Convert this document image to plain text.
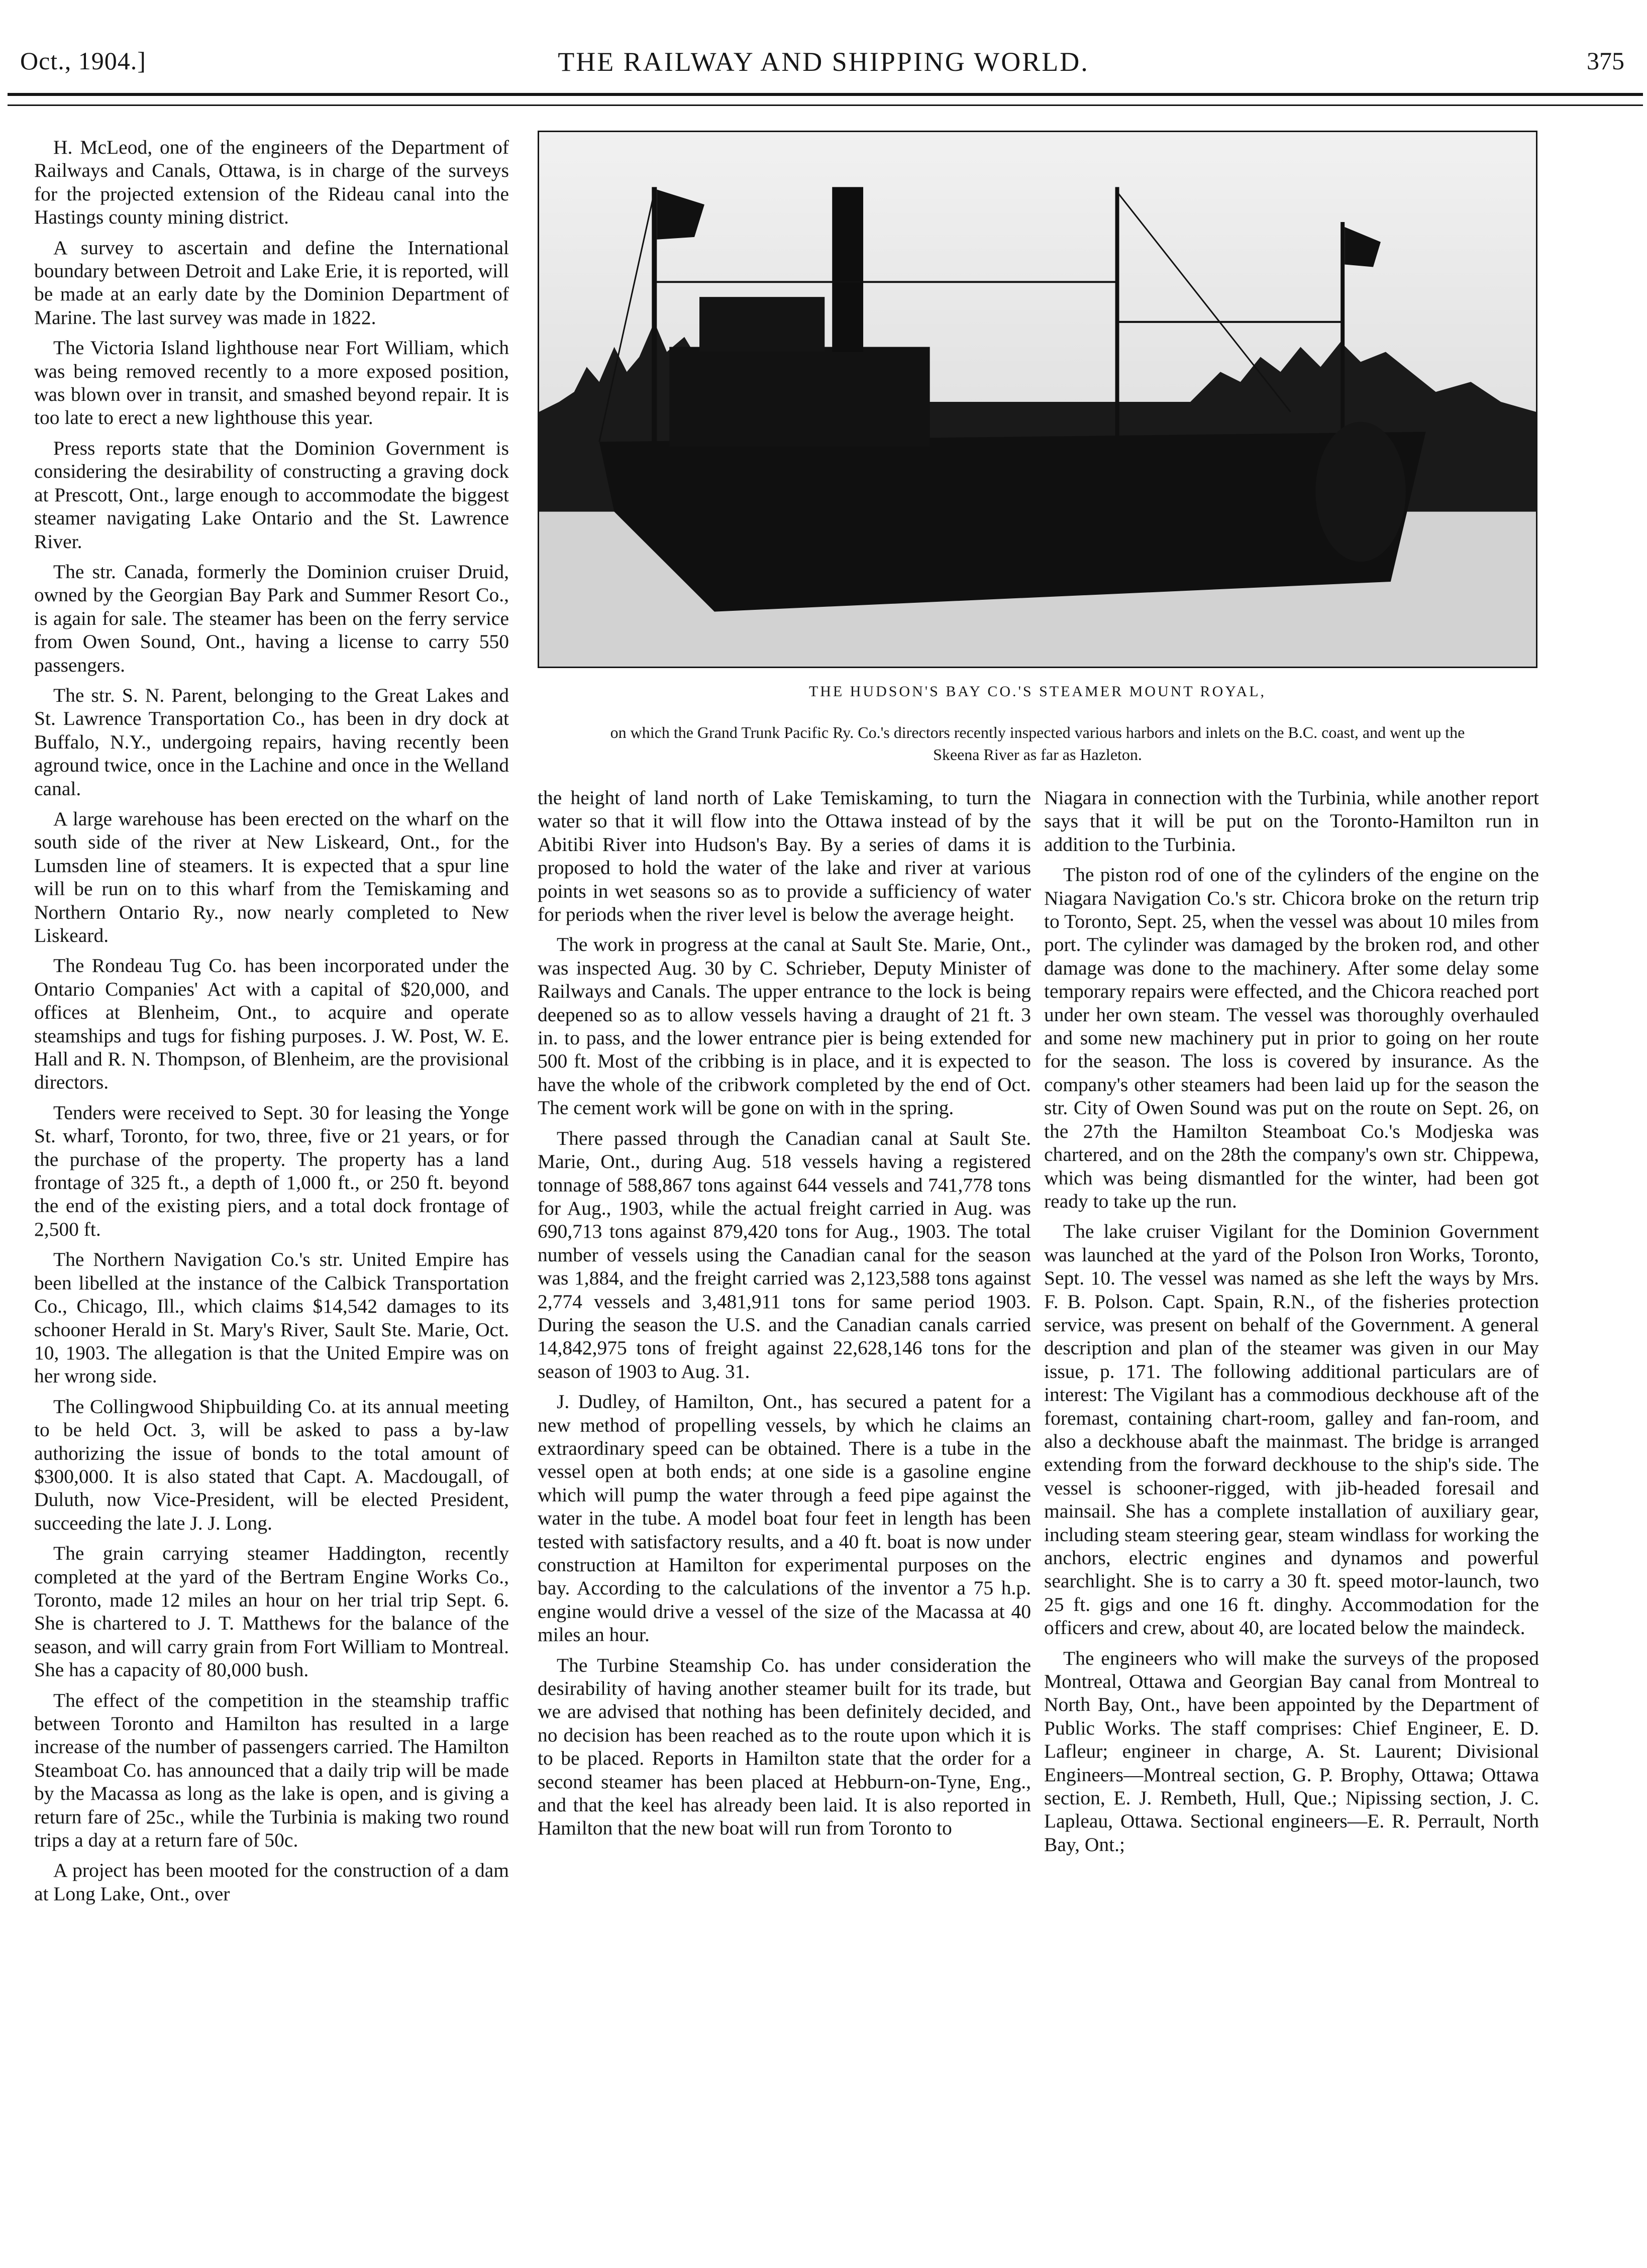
Oct., 1904.]	THE RAILWAY AND SHIPPING WORLD.	375

H. McLeod, one of the engineers of the Department of Railways and Canals, Ottawa, is in charge of the surveys for the projected extension of the Rideau canal into the Hastings county mining district.

A survey to ascertain and define the International boundary between Detroit and Lake Erie, it is reported, will be made at an early date by the Dominion Department of Marine. The last survey was made in 1822.

The Victoria Island lighthouse near Fort William, which was being removed recently to a more exposed position, was blown over in transit, and smashed beyond repair. It is too late to erect a new lighthouse this year.

Press reports state that the Dominion Government is considering the desirability of constructing a graving dock at Prescott, Ont., large enough to accommodate the biggest steamer navigating Lake Ontario and the St. Lawrence River.

The str. Canada, formerly the Dominion cruiser Druid, owned by the Georgian Bay Park and Summer Resort Co., is again for sale. The steamer has been on the ferry service from Owen Sound, Ont., having a license to carry 550 passengers.

The str. S. N. Parent, belonging to the Great Lakes and St. Lawrence Transportation Co., has been in dry dock at Buffalo, N.Y., undergoing repairs, having recently been aground twice, once in the Lachine and once in the Welland canal.

A large warehouse has been erected on the wharf on the south side of the river at New Liskeard, Ont., for the Lumsden line of steamers. It is expected that a spur line will be run on to this wharf from the Temiskaming and Northern Ontario Ry., now nearly completed to New Liskeard.

The Rondeau Tug Co. has been incorporated under the Ontario Companies' Act with a capital of $20,000, and offices at Blenheim, Ont., to acquire and operate steamships and tugs for fishing purposes. J. W. Post, W. E. Hall and R. N. Thompson, of Blenheim, are the provisional directors.

Tenders were received to Sept. 30 for leasing the Yonge St. wharf, Toronto, for two, three, five or 21 years, or for the purchase of the property. The property has a land frontage of 325 ft., a depth of 1,000 ft., or 250 ft. beyond the end of the existing piers, and a total dock frontage of 2,500 ft.

The Northern Navigation Co.'s str. United Empire has been libelled at the instance of the Calbick Transportation Co., Chicago, Ill., which claims $14,542 damages to its schooner Herald in St. Mary's River, Sault Ste. Marie, Oct. 10, 1903. The allegation is that the United Empire was on her wrong side.

The Collingwood Shipbuilding Co. at its annual meeting to be held Oct. 3, will be asked to pass a by-law authorizing the issue of bonds to the total amount of $300,000. It is also stated that Capt. A. Macdougall, of Duluth, now Vice-President, will be elected President, succeeding the late J. J. Long.

The grain carrying steamer Haddington, recently completed at the yard of the Bertram Engine Works Co., Toronto, made 12 miles an hour on her trial trip Sept. 6. She is chartered to J. T. Matthews for the balance of the season, and will carry grain from Fort William to Montreal. She has a capacity of 80,000 bush.

The effect of the competition in the steamship traffic between Toronto and Hamilton has resulted in a large increase of the number of passengers carried. The Hamilton Steamboat Co. has announced that a daily trip will be made by the Macassa as long as the lake is open, and is giving a return fare of 25c., while the Turbinia is making two round trips a day at a return fare of 50c.

A project has been mooted for the construction of a dam at Long Lake, Ont., over

THE HUDSON'S BAY CO.'S STEAMER MOUNT ROYAL,
on which the Grand Trunk Pacific Ry. Co.'s directors recently inspected various harbors and inlets on the B.C. coast, and went up the Skeena River as far as Hazleton.

the height of land north of Lake Temiskaming, to turn the water so that it will flow into the Ottawa instead of by the Abitibi River into Hudson's Bay. By a series of dams it is proposed to hold the water of the lake and river at various points in wet seasons so as to provide a sufficiency of water for periods when the river level is below the average height.

The work in progress at the canal at Sault Ste. Marie, Ont., was inspected Aug. 30 by C. Schrieber, Deputy Minister of Railways and Canals. The upper entrance to the lock is being deepened so as to allow vessels having a draught of 21 ft. 3 in. to pass, and the lower entrance pier is being extended for 500 ft. Most of the cribbing is in place, and it is expected to have the whole of the cribwork completed by the end of Oct. The cement work will be gone on with in the spring.

There passed through the Canadian canal at Sault Ste. Marie, Ont., during Aug. 518 vessels having a registered tonnage of 588,867 tons against 644 vessels and 741,778 tons for Aug., 1903, while the actual freight carried in Aug. was 690,713 tons against 879,420 tons for Aug., 1903. The total number of vessels using the Canadian canal for the season was 1,884, and the freight carried was 2,123,588 tons against 2,774 vessels and 3,481,911 tons for same period 1903. During the season the U.S. and the Canadian canals carried 14,842,975 tons of freight against 22,628,146 tons for the season of 1903 to Aug. 31.

J. Dudley, of Hamilton, Ont., has secured a patent for a new method of propelling vessels, by which he claims an extraordinary speed can be obtained. There is a tube in the vessel open at both ends; at one side is a gasoline engine which will pump the water through a feed pipe against the water in the tube. A model boat four feet in length has been tested with satisfactory results, and a 40 ft. boat is now under construction at Hamilton for experimental purposes on the bay. According to the calculations of the inventor a 75 h.p. engine would drive a vessel of the size of the Macassa at 40 miles an hour.

The Turbine Steamship Co. has under consideration the desirability of having another steamer built for its trade, but we are advised that nothing has been definitely decided, and no decision has been reached as to the route upon which it is to be placed. Reports in Hamilton state that the order for a second steamer has been placed at Hebburn-on-Tyne, Eng., and that the keel has already been laid. It is also reported in Hamilton that the new boat will run from Toronto to

Niagara in connection with the Turbinia, while another report says that it will be put on the Toronto-Hamilton run in addition to the Turbinia.

The piston rod of one of the cylinders of the engine on the Niagara Navigation Co.'s str. Chicora broke on the return trip to Toronto, Sept. 25, when the vessel was about 10 miles from port. The cylinder was damaged by the broken rod, and other damage was done to the machinery. After some delay some temporary repairs were effected, and the Chicora reached port under her own steam. The vessel was thoroughly overhauled and some new machinery put in prior to going on her route for the season. The loss is covered by insurance. As the company's other steamers had been laid up for the season the str. City of Owen Sound was put on the route on Sept. 26, on the 27th the Hamilton Steamboat Co.'s Modjeska was chartered, and on the 28th the company's own str. Chippewa, which was being dismantled for the winter, had been got ready to take up the run.

The lake cruiser Vigilant for the Dominion Government was launched at the yard of the Polson Iron Works, Toronto, Sept. 10. The vessel was named as she left the ways by Mrs. F. B. Polson. Capt. Spain, R.N., of the fisheries protection service, was present on behalf of the Government. A general description and plan of the steamer was given in our May issue, p. 171. The following additional particulars are of interest: The Vigilant has a commodious deckhouse aft of the foremast, containing chart-room, galley and fan-room, and also a deckhouse abaft the mainmast. The bridge is arranged extending from the forward deckhouse to the ship's side. The vessel is schooner-rigged, with jib-headed foresail and mainsail. She has a complete installation of auxiliary gear, including steam steering gear, steam windlass for working the anchors, electric engines and dynamos and powerful searchlight. She is to carry a 30 ft. speed motor-launch, two 25 ft. gigs and one 16 ft. dinghy. Accommodation for the officers and crew, about 40, are located below the maindeck.

The engineers who will make the surveys of the proposed Montreal, Ottawa and Georgian Bay canal from Montreal to North Bay, Ont., have been appointed by the Department of Public Works. The staff comprises: Chief Engineer, E. D. Lafleur; engineer in charge, A. St. Laurent; Divisional Engineers—Montreal section, G. P. Brophy, Ottawa; Ottawa section, E. J. Rembeth, Hull, Que.; Nipissing section, J. C. Lapleau, Ottawa. Sectional engineers—E. R. Perrault, North Bay, Ont.;
